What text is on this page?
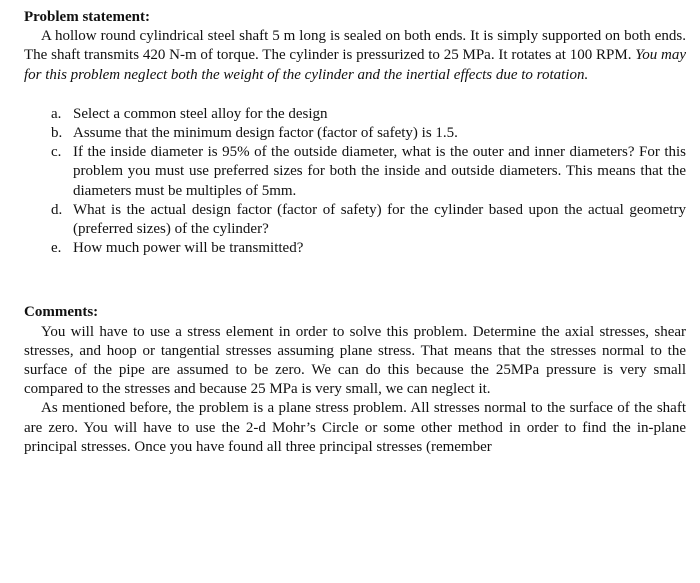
Problem statement:

A hollow round cylindrical steel shaft 5 m long is sealed on both ends. It is simply supported on both ends. The shaft transmits 420 N-m of torque. The cylinder is pressurized to 25 MPa. It rotates at 100 RPM. You may for this problem neglect both the weight of the cylinder and the inertial effects due to rotation.

a. Select a common steel alloy for the design
b. Assume that the minimum design factor (factor of safety) is 1.5.
c. If the inside diameter is 95% of the outside diameter, what is the outer and inner diameters? For this problem you must use preferred sizes for both the inside and outside diameters. This means that the diameters must be multiples of 5mm.
d. What is the actual design factor (factor of safety) for the cylinder based upon the actual geometry (preferred sizes) of the cylinder?
e. How much power will be transmitted?

Comments:

You will have to use a stress element in order to solve this problem. Determine the axial stresses, shear stresses, and hoop or tangential stresses assuming plane stress. That means that the stresses normal to the surface of the pipe are assumed to be zero. We can do this because the 25MPa pressure is very small compared to the stresses and because 25 MPa is very small, we can neglect it.

As mentioned before, the problem is a plane stress problem. All stresses normal to the surface of the shaft are zero. You will have to use the 2-d Mohr’s Circle or some other method in order to find the in-plane principal stresses. Once you have found all three principal stresses (remember
